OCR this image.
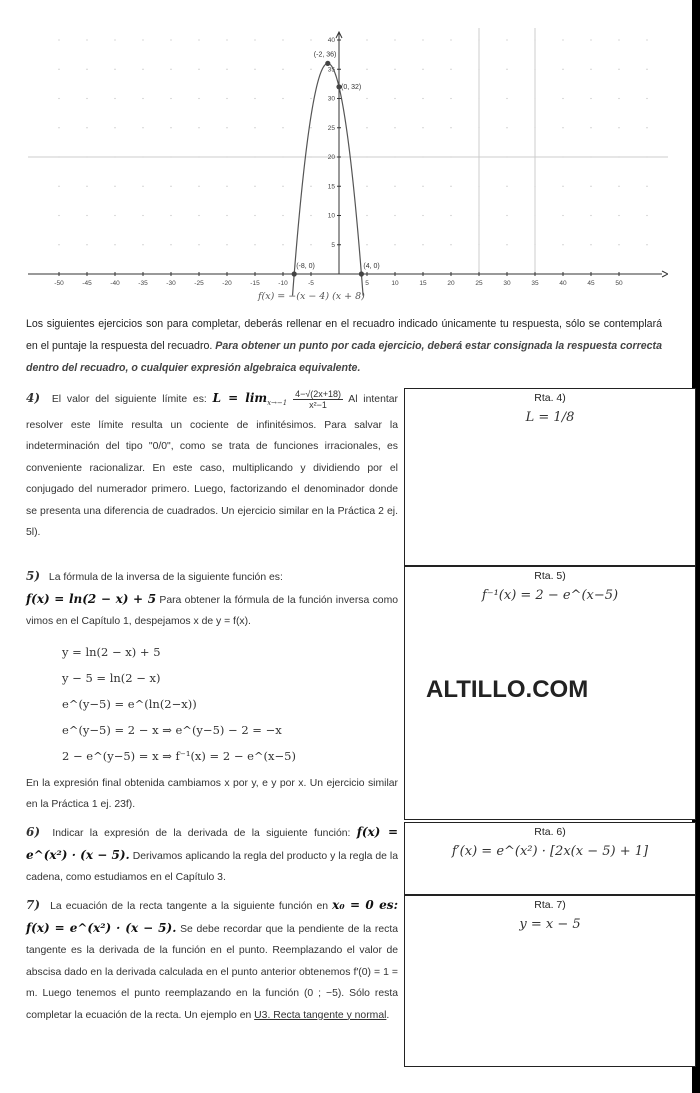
-50	-45	-40	-35	-30	-25	-20	-15	-10	-5	5	10	15	20	25	30	35	40	45	50
5
10
15
20
25
30
35
40
(-2, 36)
(0, 32)
(-8, 0)	(4, 0)
f(x) = −(x − 4) (x + 8)
Los siguientes ejercicios son para completar, deberás rellenar en el recuadro indicado únicamente tu respuesta, sólo se contemplará en el puntaje la respuesta del recuadro. Para obtener un punto por cada ejercicio, deberá estar consignada la respuesta correcta dentro del recuadro, o cualquier expresión algebraica equivalente.
4) El valor del siguiente límite es: $L = \lim_{x\to-1} \frac{4-√(2x+18)}{\text{x²−1}}$ Al intentar resolver este límite resulta un cociente de infinitésimos. Para salvar la indeterminación del tipo "0/0", como se trata de funciones irracionales, es conveniente racionalizar. En este caso, multiplicando y dividiendo por el conjugado del numerador primero. Luego, factorizando el denominador donde se presenta una diferencia de cuadrados. Un ejercicio similar en la Práctica 2 ej. 5l).
Rta. 4)
L = 1/8
5) La fórmula de la inversa de la siguiente función es:
f(x) = ln(2 − x) + 5 Para obtener la fórmula de la función inversa como vimos en el Capítulo 1, despejamos x de y = f(x).
y = ln(2 − x) + 5
y − 5 = ln(2 − x)
e^(y−5) = e^(ln(2−x))
e^(y−5) = 2 − x ⇒ e^(y−5) − 2 = −x
2 − e^(y−5) = x ⇒ f⁻¹(x) = 2 − e^(x−5)
En la expresión final obtenida cambiamos x por y, e y por x. Un ejercicio similar en la Práctica 1 ej. 23f).
Rta. 5)
f⁻¹(x) = 2 − e^(x−5)
ALTILLO.COM
6) Indicar la expresión de la derivada de la siguiente función: f(x) = e^(x²) · (x − 5). Derivamos aplicando la regla del producto y la regla de la cadena, como estudiamos en el Capítulo 3.
Rta. 6)
f′(x) = e^(x²) · [2x(x − 5) + 1]
7) La ecuación de la recta tangente a la siguiente función en x₀ = 0 es: f(x) = e^(x²) · (x − 5). Se debe recordar que la pendiente de la recta tangente es la derivada de la función en el punto. Reemplazando el valor de abscisa dado en la derivada calculada en el punto anterior obtenemos f′(0) = 1 = m. Luego tenemos el punto reemplazando en la función (0 ; −5). Sólo resta completar la ecuación de la recta. Un ejemplo en U3. Recta tangente y normal.
Rta. 7)
y = x − 5
